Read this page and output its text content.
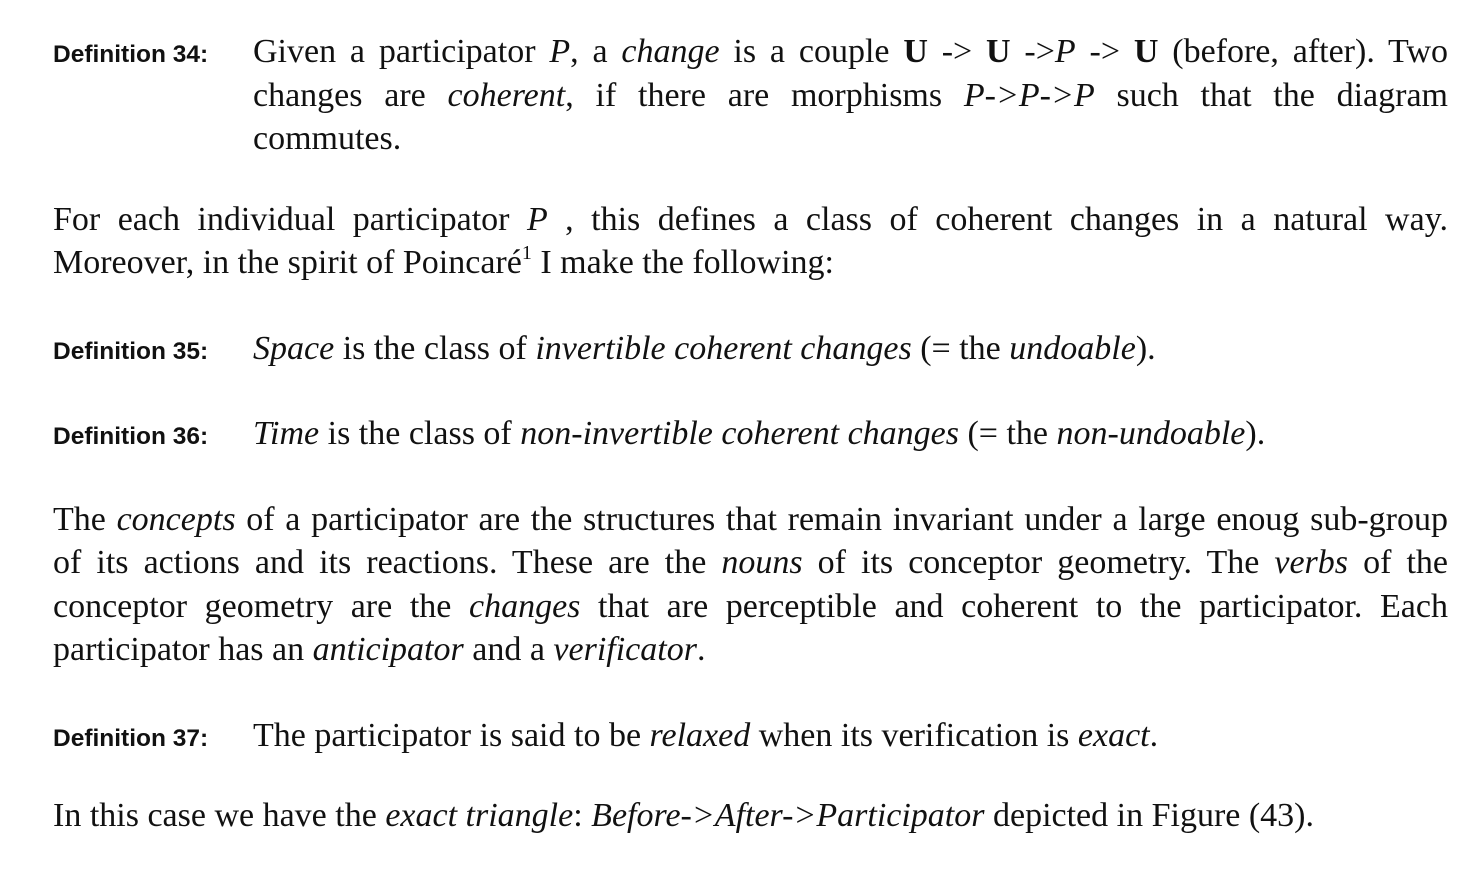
Definition 34:	Given a participator P, a change is a couple U -> U ->P -> U (before, after). Two changes are coherent, if there are morphisms P->P->P such that the diagram commutes.

For each individual participator P , this defines a class of coherent changes in a natural way. Moreover, in the spirit of Poincaré$^1$ I make the following:

Definition 35:	Space is the class of invertible coherent changes (= the undoable).
Definition 36:	Time is the class of non-invertible coherent changes (= the non-undoable).

The concepts of a participator are the structures that remain invariant under a large enoug sub-group of its actions and its reactions. These are the nouns of its conceptor geometry. The verbs of the conceptor geometry are the changes that are perceptible and coherent to the participator. Each participator has an anticipator and a verificator.

Definition 37:	The participator is said to be relaxed when its verification is exact.

In this case we have the exact triangle: Before->After->Participator depicted in Figure (43).
